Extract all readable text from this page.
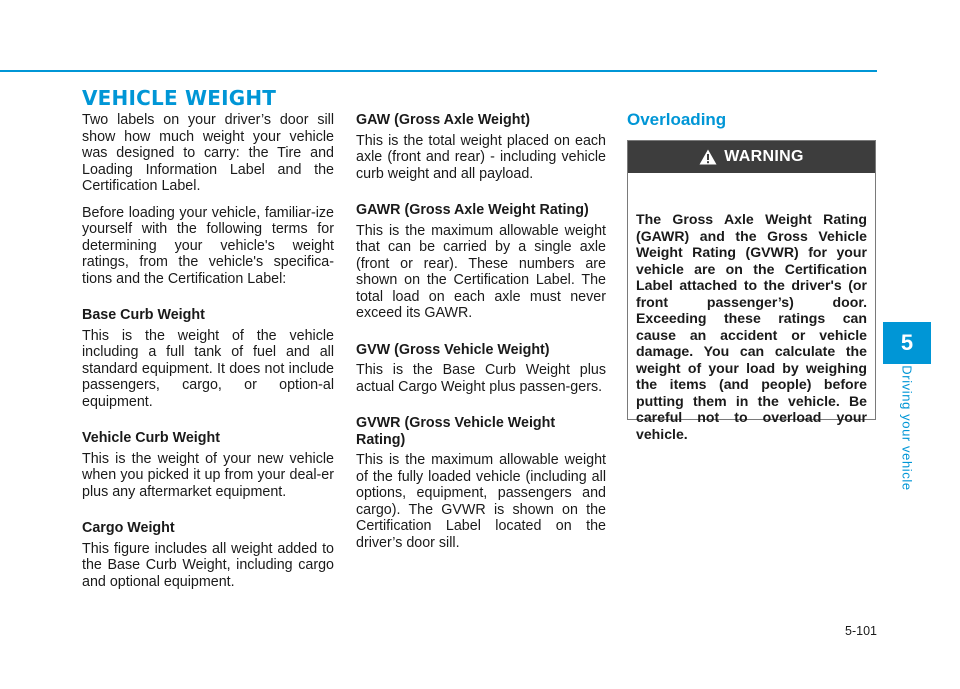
VEHICLE WEIGHT

Two labels on your driver’s door sill show how much weight your vehicle was designed to carry: the Tire and Loading Information Label and the Certification Label.

Before loading your vehicle, familiar-ize yourself with the following terms for determining your vehicle's weight ratings, from the vehicle's specifica-tions and the Certification Label:

Base Curb Weight

This is the weight of the vehicle including a full tank of fuel and all standard equipment. It does not include passengers, cargo, or option-al equipment.

Vehicle Curb Weight

This is the weight of your new vehicle when you picked it up from your deal-er plus any aftermarket equipment.

Cargo Weight

This figure includes all weight added to the Base Curb Weight, including cargo and optional equipment.

GAW (Gross Axle Weight)

This is the total weight placed on each axle (front and rear) - including vehicle curb weight and all payload.

GAWR (Gross Axle Weight Rating)

This is the maximum allowable weight that can be carried by a single axle (front or rear). These numbers are shown on the Certification Label. The total load on each axle must never exceed its GAWR.

GVW (Gross Vehicle Weight)

This is the Base Curb Weight plus actual Cargo Weight plus passen-gers.

GVWR (Gross Vehicle Weight Rating)

This is the maximum allowable weight of the fully loaded vehicle (including all options, equipment, passengers and cargo). The GVWR is shown on the Certification Label located on the driver’s door sill.

Overloading
WARNING

The Gross Axle Weight Rating (GAWR) and the Gross Vehicle Weight Rating (GVWR) for your vehicle are on the Certification Label attached to the driver's (or front passenger’s) door. Exceeding these ratings can cause an accident or vehicle damage. You can calculate the weight of your load by weighing the items (and people) before putting them in the vehicle. Be careful not to overload your vehicle.

5
Driving your vehicle
5-101
